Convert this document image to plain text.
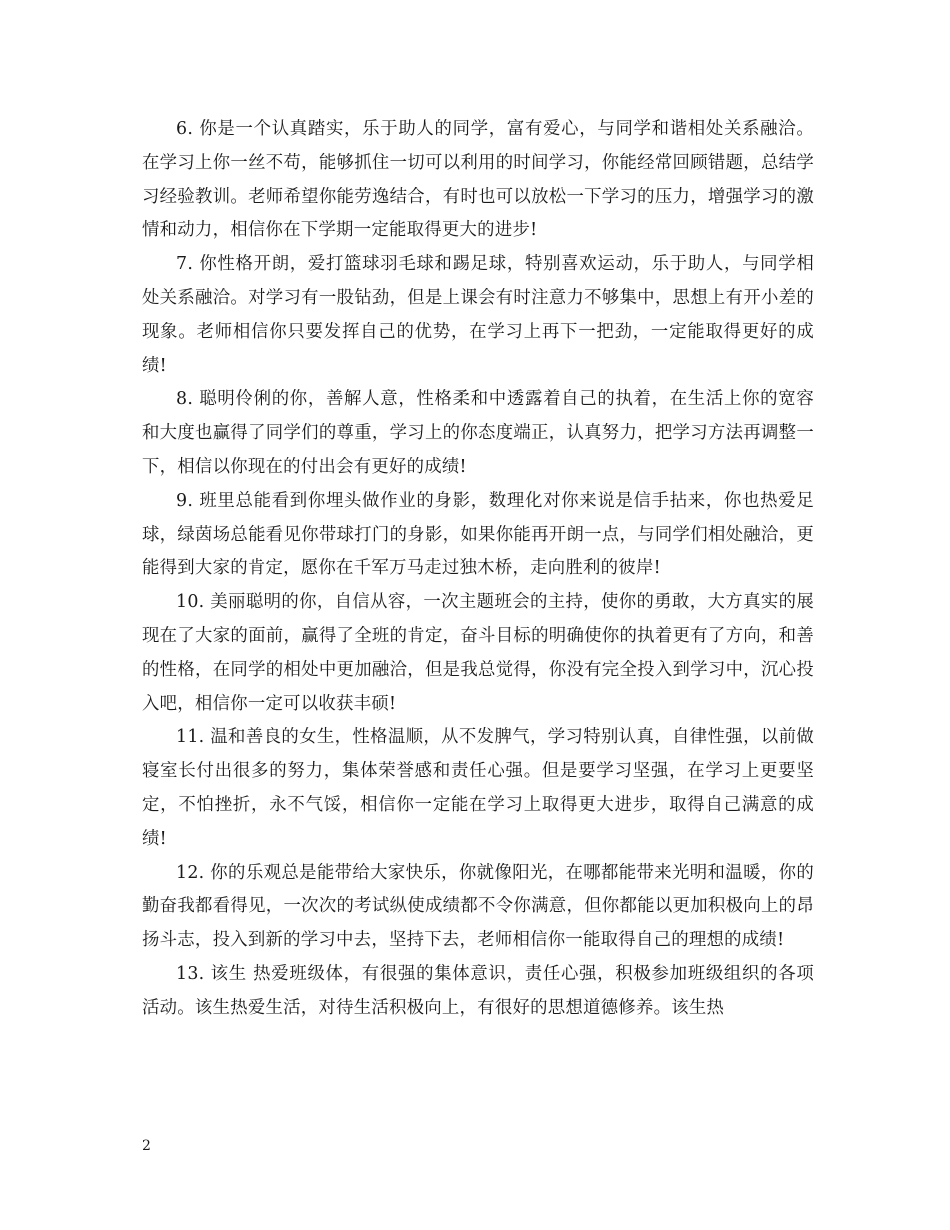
6. 你是一个认真踏实，乐于助人的同学，富有爱心，与同学和谐相处关系融洽。在学习上你一丝不苟，能够抓住一切可以利用的时间学习，你能经常回顾错题，总结学习经验教训。老师希望你能劳逸结合，有时也可以放松一下学习的压力，增强学习的激情和动力，相信你在下学期一定能取得更大的进步!

7. 你性格开朗，爱打篮球羽毛球和踢足球，特别喜欢运动，乐于助人，与同学相处关系融洽。对学习有一股钻劲，但是上课会有时注意力不够集中，思想上有开小差的现象。老师相信你只要发挥自己的优势，在学习上再下一把劲，一定能取得更好的成绩!

8. 聪明伶俐的你，善解人意，性格柔和中透露着自己的执着，在生活上你的宽容和大度也赢得了同学们的尊重，学习上的你态度端正，认真努力，把学习方法再调整一下，相信以你现在的付出会有更好的成绩!

9. 班里总能看到你埋头做作业的身影，数理化对你来说是信手拈来，你也热爱足球，绿茵场总能看见你带球打门的身影，如果你能再开朗一点，与同学们相处融洽，更能得到大家的肯定，愿你在千军万马走过独木桥，走向胜利的彼岸!

10. 美丽聪明的你，自信从容，一次主题班会的主持，使你的勇敢，大方真实的展现在了大家的面前，赢得了全班的肯定，奋斗目标的明确使你的执着更有了方向，和善的性格，在同学的相处中更加融洽，但是我总觉得，你没有完全投入到学习中，沉心投入吧，相信你一定可以收获丰硕!

11. 温和善良的女生，性格温顺，从不发脾气，学习特别认真，自律性强，以前做寝室长付出很多的努力，集体荣誉感和责任心强。但是要学习坚强，在学习上更要坚定，不怕挫折，永不气馁，相信你一定能在学习上取得更大进步，取得自己满意的成绩!

12. 你的乐观总是能带给大家快乐，你就像阳光，在哪都能带来光明和温暖，你的勤奋我都看得见，一次次的考试纵使成绩都不令你满意，但你都能以更加积极向上的昂扬斗志，投入到新的学习中去，坚持下去，老师相信你一能取得自己的理想的成绩!

13. 该生 热爱班级体，有很强的集体意识，责任心强，积极参加班级组织的各项活动。该生热爱生活，对待生活积极向上，有很好的思想道德修养。该生热

2
